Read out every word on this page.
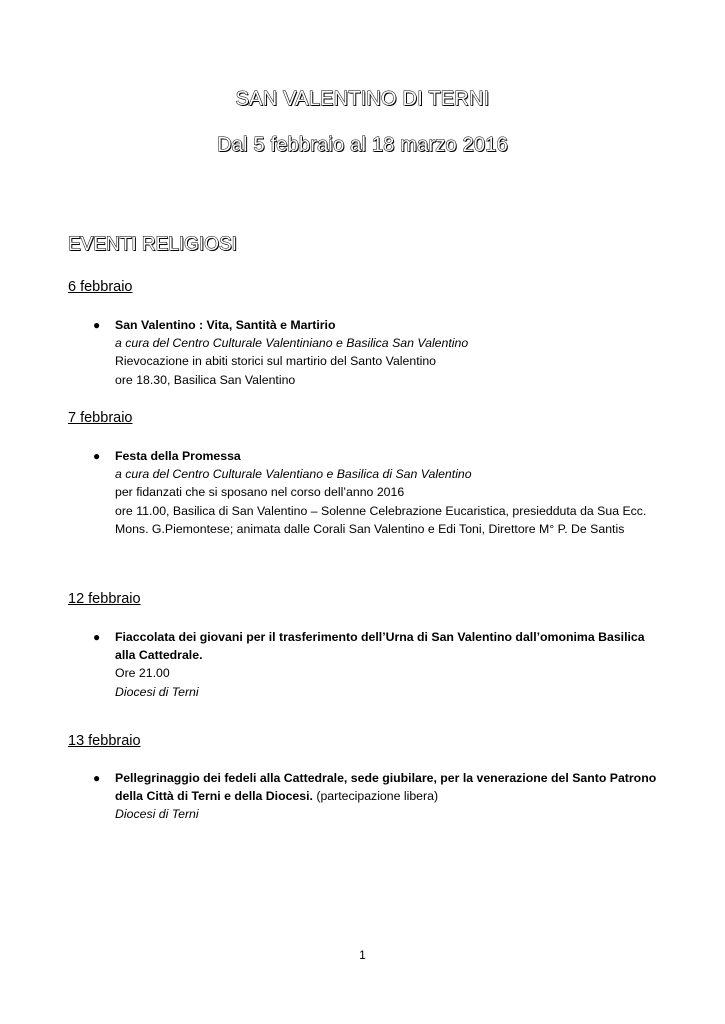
SAN VALENTINO DI TERNI
Dal 5 febbraio al 18 marzo 2016
EVENTI RELIGIOSI
6 febbraio
● San Valentino : Vita, Santità e Martirio
a cura del Centro Culturale Valentiniano e Basilica San Valentino
Rievocazione in abiti storici sul martirio del Santo Valentino
ore 18.30, Basilica San Valentino
7 febbraio
● Festa della Promessa
a cura del Centro Culturale Valentiano e Basilica di San Valentino
per fidanzati che si sposano nel corso dell’anno 2016
ore 11.00, Basilica di San Valentino – Solenne Celebrazione Eucaristica, presiedduta da Sua Ecc. Mons. G.Piemontese; animata dalle Corali San Valentino e Edi Toni, Direttore M° P. De Santis
12 febbraio
● Fiaccolata dei giovani per il trasferimento dell’Urna di San Valentino dall’omonima Basilica alla Cattedrale.
Ore 21.00
Diocesi di Terni
13 febbraio
● Pellegrinaggio dei fedeli alla Cattedrale, sede giubilare, per la venerazione del Santo Patrono della Città di Terni e della Diocesi. (partecipazione libera)
Diocesi di Terni
1
